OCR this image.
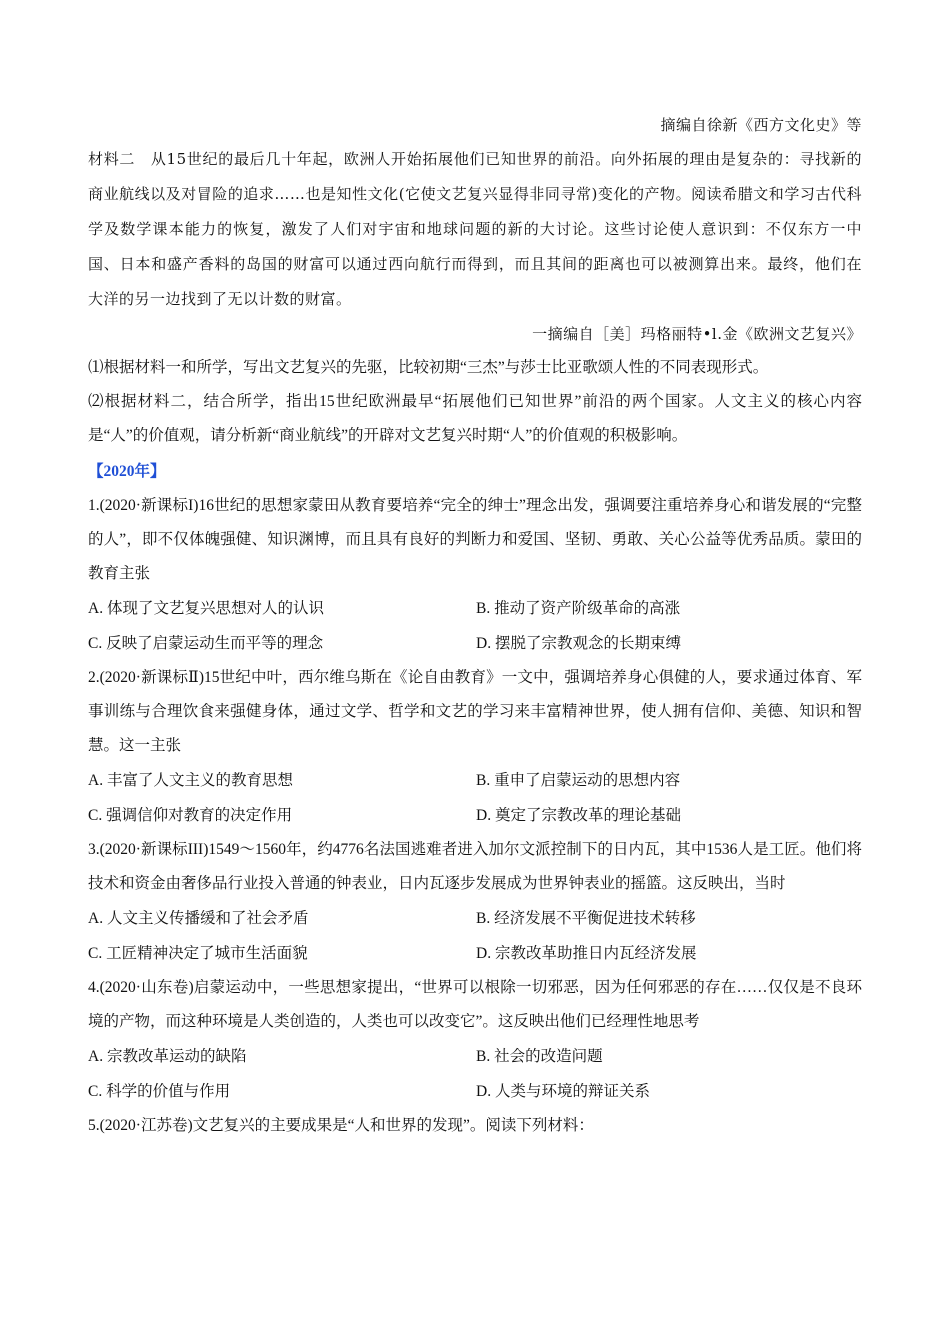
摘编自徐新《西方文化史》等
材料二　从15世纪的最后几十年起，欧洲人开始拓展他们已知世界的前沿。向外拓展的理由是复杂的：寻找新的商业航线以及对冒险的追求……也是知性文化(它使文艺复兴显得非同寻常)变化的产物。阅读希腊文和学习古代科学及数学课本能力的恢复，激发了人们对宇宙和地球问题的新的大讨论。这些讨论使人意识到：不仅东方一中国、日本和盛产香料的岛国的财富可以通过西向航行而得到，而且其间的距离也可以被测算出来。最终，他们在大洋的另一边找到了无以计数的财富。
一摘编自［美］玛格丽特•l.金《欧洲文艺复兴》
⑴根据材料一和所学，写出文艺复兴的先驱，比较初期“三杰”与莎士比亚歌颂人性的不同表现形式。
⑵根据材料二，结合所学，指出15世纪欧洲最早“拓展他们已知世界”前沿的两个国家。人文主义的核心内容是“人”的价值观，请分析新“商业航线”的开辟对文艺复兴时期“人”的价值观的积极影响。
【2020年】
1.(2020·新课标I)16世纪的思想家蒙田从教育要培养“完全的绅士”理念出发，强调要注重培养身心和谐发展的“完整的人”，即不仅体魄强健、知识渊博，而且具有良好的判断力和爱国、坚韧、勇敢、关心公益等优秀品质。蒙田的教育主张
A. 体现了文艺复兴思想对人的认识	B. 推动了资产阶级革命的高涨
C. 反映了启蒙运动生而平等的理念	D. 摆脱了宗教观念的长期束缚
2.(2020·新课标Ⅱ)15世纪中叶，西尔维乌斯在《论自由教育》一文中，强调培养身心俱健的人，要求通过体育、军事训练与合理饮食来强健身体，通过文学、哲学和文艺的学习来丰富精神世界，使人拥有信仰、美德、知识和智慧。这一主张
A. 丰富了人文主义的教育思想	B. 重申了启蒙运动的思想内容
C. 强调信仰对教育的决定作用	D. 奠定了宗教改革的理论基础
3.(2020·新课标III)1549～1560年，约4776名法国逃难者进入加尔文派控制下的日内瓦，其中1536人是工匠。他们将技术和资金由奢侈品行业投入普通的钟表业，日内瓦逐步发展成为世界钟表业的摇篮。这反映出，当时
A. 人文主义传播缓和了社会矛盾	B. 经济发展不平衡促进技术转移
C. 工匠精神决定了城市生活面貌	D. 宗教改革助推日内瓦经济发展
4.(2020·山东卷)启蒙运动中，一些思想家提出，“世界可以根除一切邪恶，因为任何邪恶的存在……仅仅是不良环境的产物，而这种环境是人类创造的，人类也可以改变它”。这反映出他们已经理性地思考
A. 宗教改革运动的缺陷	B. 社会的改造问题
C. 科学的价值与作用	D. 人类与环境的辩证关系
5.(2020·江苏卷)文艺复兴的主要成果是“人和世界的发现”。阅读下列材料：
